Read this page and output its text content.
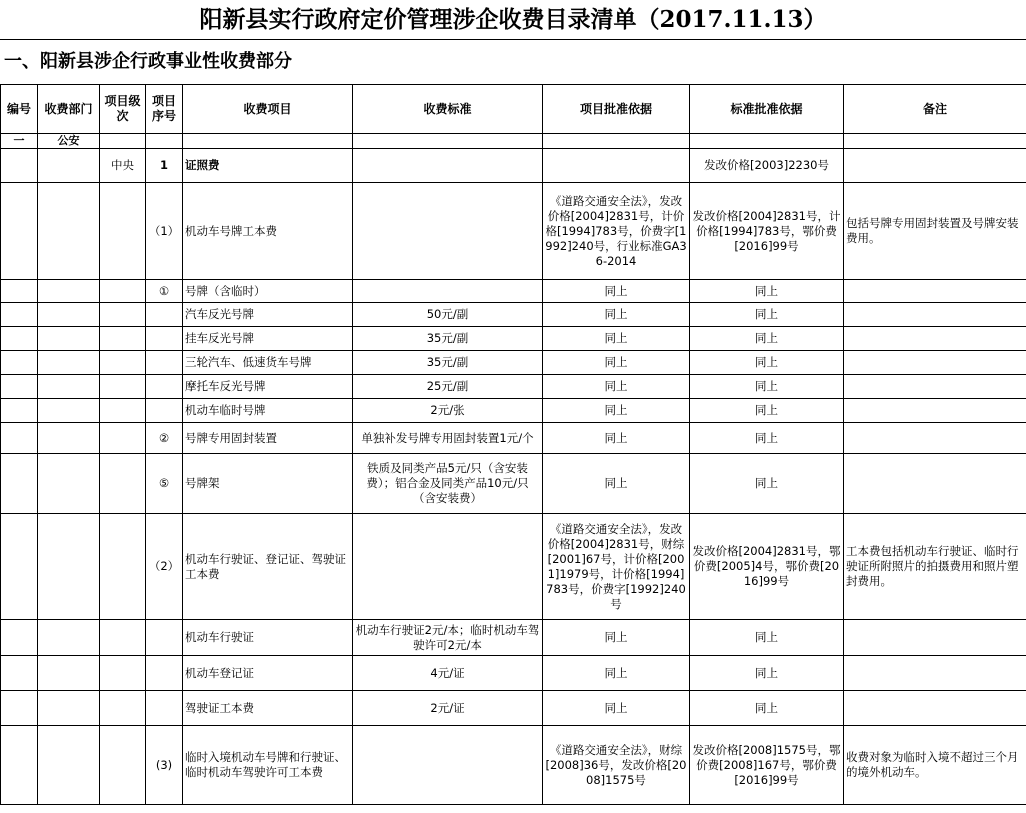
阳新县实行政府定价管理涉企收费目录清单（2017.11.13）
一、阳新县涉企行政事业性收费部分
编号	收费部门	项目级次	项目序号	收费项目	收费标准	项目批准依据	标准批准依据	备注
一	公安							
		中央	1	证照费			发改价格[2003]2230号	
			（1）	机动车号牌工本费		《道路交通安全法》，发改价格[2004]2831号，计价格[1994]783号，价费字[1992]240号，行业标准GA36-2014	发改价格[2004]2831号，计价格[1994]783号，鄂价费[2016]99号	包括号牌专用固封装置及号牌安装费用。
			①	号牌（含临时）		同上	同上	
				汽车反光号牌	50元/副	同上	同上	
				挂车反光号牌	35元/副	同上	同上	
				三轮汽车、低速货车号牌	35元/副	同上	同上	
				摩托车反光号牌	25元/副	同上	同上	
				机动车临时号牌	2元/张	同上	同上	
			②	号牌专用固封装置	单独补发号牌专用固封装置1元/个	同上	同上	
			⑤	号牌架	铁质及同类产品5元/只（含安装费）；铝合金及同类产品10元/只（含安装费）	同上	同上	
			（2）	机动车行驶证、登记证、驾驶证工本费		《道路交通安全法》，发改价格[2004]2831号，财综[2001]67号，计价格[2001]1979号，计价格[1994]783号，价费字[1992]240号	发改价格[2004]2831号，鄂价费[2005]4号，鄂价费[2016]99号	工本费包括机动车行驶证、临时行驶证所附照片的拍摄费用和照片塑封费用。
				机动车行驶证	机动车行驶证2元/本；临时机动车驾驶许可2元/本	同上	同上	
				机动车登记证	4元/证	同上	同上	
				驾驶证工本费	2元/证	同上	同上	
			(3)	临时入境机动车号牌和行驶证、临时机动车驾驶许可工本费		《道路交通安全法》，财综[2008]36号，发改价格[2008]1575号	发改价格[2008]1575号，鄂价费[2008]167号，鄂价费[2016]99号	收费对象为临时入境不超过三个月的境外机动车。
